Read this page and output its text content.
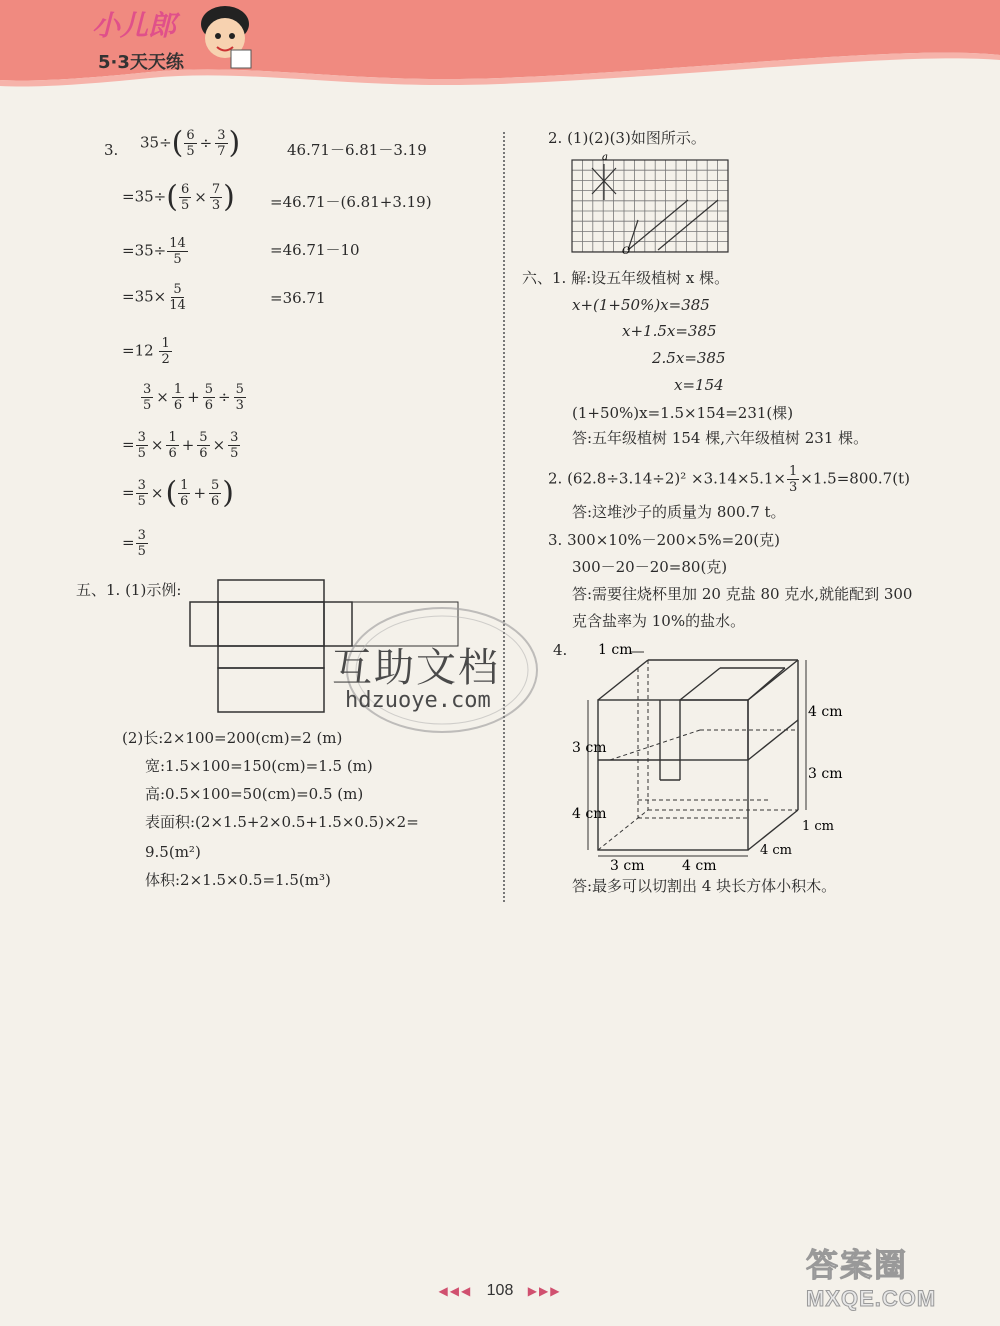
小儿郎
5·3天天练
3. $35\div( \frac{6}{5} \div \frac{3}{7}$ )	46.71－6.81－3.19
$=35\div( \frac{6}{5} \times \frac{7}{3}$ ) =46.71－(6.81+3.19)
$=35\div \frac{14}{5}$	=46.71－10
$=35\times \frac{5}{14}$	=36.71
$=12 \frac{1}{2}$
$\frac{3}{5} \times \frac{1}{6} + \frac{5}{6} \div \frac{5}{3}$
= $\frac{3}{5} \times \frac{1}{6} + \frac{5}{6} \times \frac{3}{5}$
= $\frac{3}{5}$ ×( $\frac{1}{6} + \frac{5}{6}$ )
= $\frac{3}{5}$
五、1. (1)示例:
互助文档
hdzuoye.com
(2)长:2×100=200(cm)=2 (m)
宽:1.5×100=150(cm)=1.5 (m)
高:0.5×100=50(cm)=0.5 (m)
表面积:(2×1.5+2×0.5+1.5×0.5)×2=
9.5(m²)
体积:2×1.5×0.5=1.5(m³)
2. (1)(2)(3)如图所示。
a
O
六、1. 解:设五年级植树 x 棵。
x+(1+50%)x=385
x+1.5x=385
2.5x=385
x=154
(1+50%)x=1.5×154=231(棵)
答:五年级植树 154 棵,六年级植树 231 棵。
2. $(62.8\div 3.14\div 2)^2 \times 3.14\times 5.1\times \frac{1}{3} \times 1.5=800.7(t)$
答:这堆沙子的质量为 800.7 t。
3. 300×10%－200×5%=20(克)
300－20－20=80(克)
答:需要往烧杯里加 20 克盐 80 克水,就能配到 300
克含盐率为 10%的盐水。
4. 1 cm
4 cm
3 cm
1 cm
3 cm
4 cm
3 cm	4 cm
4 cm
答:最多可以切割出 4 块长方体小积木。
◀◀◀ 108 ▶▶▶
答案圈
MXQE.COM
